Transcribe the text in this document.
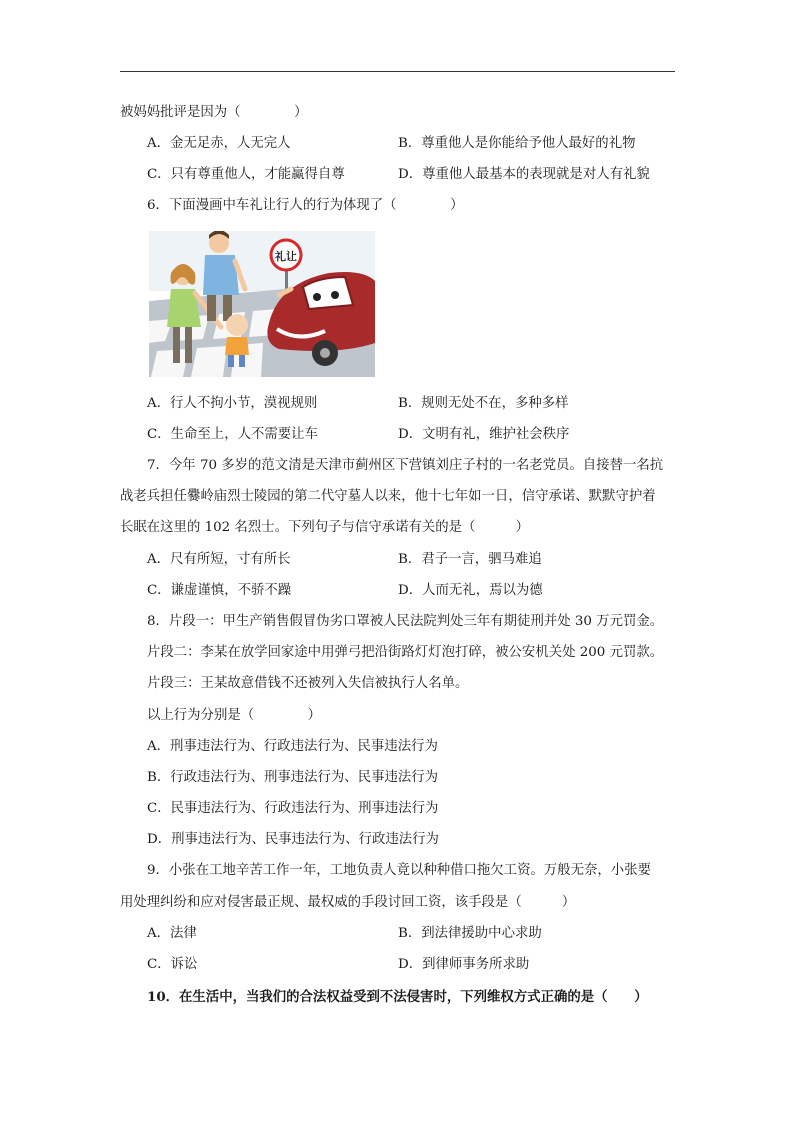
被妈妈批评是因为（　　　　）
A．金无足赤，人无完人	B．尊重他人是你能给予他人最好的礼物
C．只有尊重他人，才能赢得自尊	D．尊重他人最基本的表现就是对人有礼貌
6．下面漫画中车礼让行人的行为体现了（　　　　）
礼让
A．行人不拘小节，漠视规则	B．规则无处不在，多种多样
C．生命至上，人不需要让车	D．文明有礼，维护社会秩序
7．今年 70 多岁的范文清是天津市蓟州区下营镇刘庄子村的一名老党员。自接替一名抗
战老兵担任爨岭庙烈士陵园的第二代守墓人以来，他十七年如一日，信守承诺、默默守护着
长眠在这里的 102 名烈士。下列句子与信守承诺有关的是（　　　）
A．尺有所短，寸有所长	B．君子一言，驷马难追
C．谦虚谨慎，不骄不躁	D．人而无礼，焉以为德
8．片段一：甲生产销售假冒伪劣口罩被人民法院判处三年有期徒刑并处 30 万元罚金。
片段二：李某在放学回家途中用弹弓把沿街路灯灯泡打碎，被公安机关处 200 元罚款。
片段三：王某故意借钱不还被列入失信被执行人名单。
以上行为分别是（　　　　）
A．刑事违法行为、行政违法行为、民事违法行为
B．行政违法行为、刑事违法行为、民事违法行为
C．民事违法行为、行政违法行为、刑事违法行为
D．刑事违法行为、民事违法行为、行政违法行为
9．小张在工地辛苦工作一年，工地负责人竟以种种借口拖欠工资。万般无奈，小张要
用处理纠纷和应对侵害最正规、最权威的手段讨回工资，该手段是（　　　）
A．法律	B．到法律援助中心求助
C．诉讼	D．到律师事务所求助
10．在生活中，当我们的合法权益受到不法侵害时，下列维权方式正确的是（　　）
